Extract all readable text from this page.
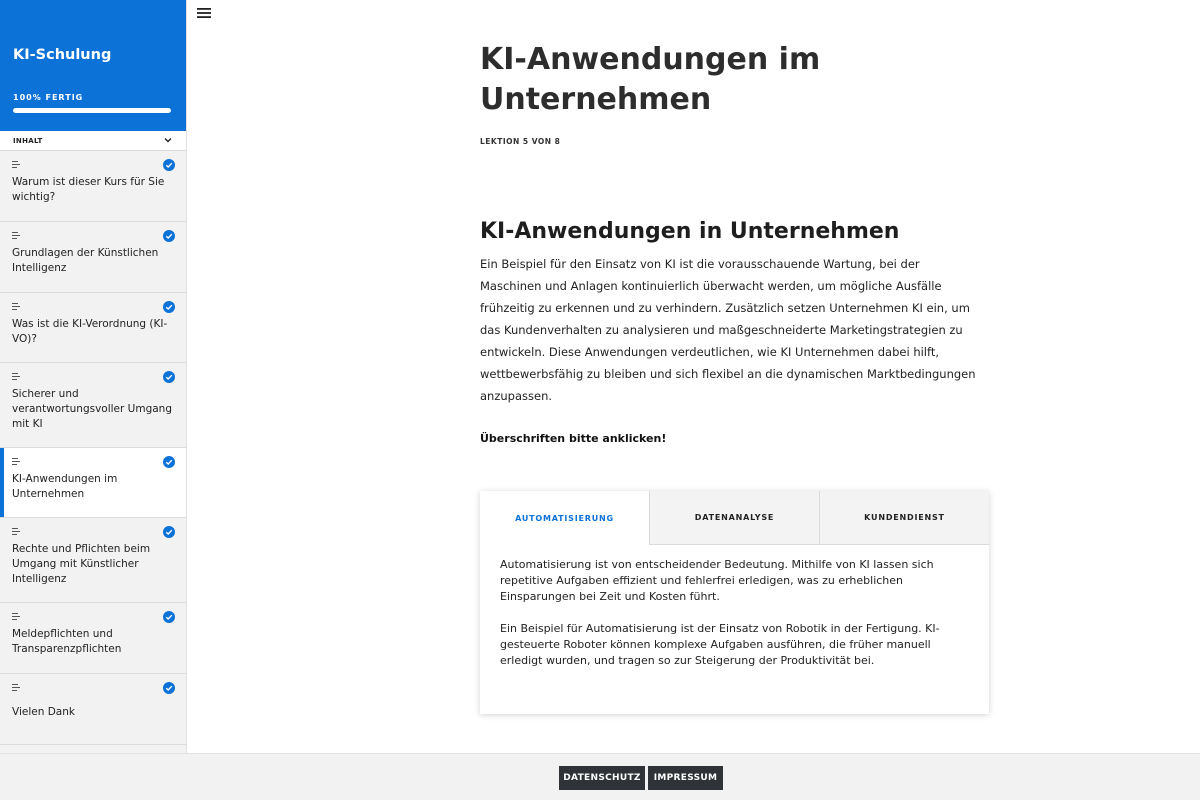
KI-Schulung
100% FERTIG
INHALT
Warum ist dieser Kurs für Sie wichtig?
Grundlagen der Künstlichen Intelligenz
Was ist die KI-Verordnung (KI-VO)?
Sicherer und verantwortungsvoller Umgang mit KI
KI-Anwendungen im Unternehmen
Rechte und Pflichten beim Umgang mit Künstlicher Intelligenz
Meldepflichten und Transparenzpflichten
Vielen Dank
KI-Anwendungen im Unternehmen
LEKTION 5 VON 8
KI-Anwendungen in Unternehmen

Ein Beispiel für den Einsatz von KI ist die vorausschauende Wartung, bei der Maschinen und Anlagen kontinuierlich überwacht werden, um mögliche Ausfälle frühzeitig zu erkennen und zu verhindern. Zusätzlich setzen Unternehmen KI ein, um das Kundenverhalten zu analysieren und maßgeschneiderte Marketingstrategien zu entwickeln. Diese Anwendungen verdeutlichen, wie KI Unternehmen dabei hilft, wettbewerbsfähig zu bleiben und sich flexibel an die dynamischen Marktbedingungen anzupassen.

Überschriften bitte anklicken!

AUTOMATISIERUNG	DATENANALYSE	KUNDENDIENST

Automatisierung ist von entscheidender Bedeutung. Mithilfe von KI lassen sich repetitive Aufgaben effizient und fehlerfrei erledigen, was zu erheblichen Einsparungen bei Zeit und Kosten führt.

Ein Beispiel für Automatisierung ist der Einsatz von Robotik in der Fertigung. KI-gesteuerte Roboter können komplexe Aufgaben ausführen, die früher manuell erledigt wurden, und tragen so zur Steigerung der Produktivität bei.

DATENSCHUTZ	IMPRESSUM
